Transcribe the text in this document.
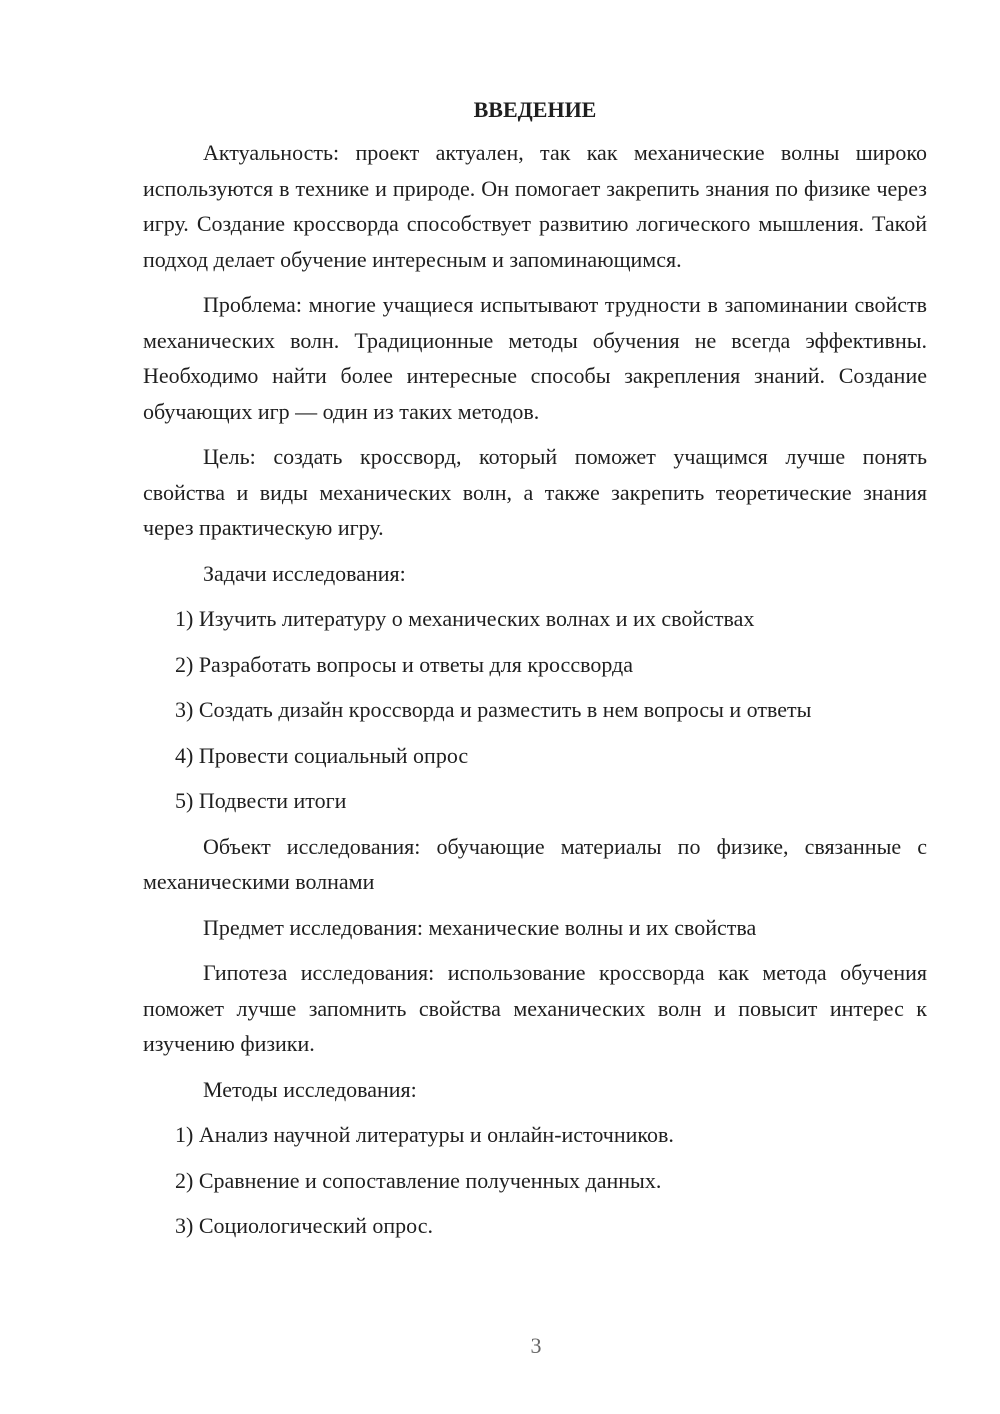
ВВЕДЕНИЕ

Актуальность: проект актуален, так как механические волны широко используются в технике и природе. Он помогает закрепить знания по физике через игру. Создание кроссворда способствует развитию логического мышления. Такой подход делает обучение интересным и запоминающимся.

Проблема: многие учащиеся испытывают трудности в запоминании свойств механических волн. Традиционные методы обучения не всегда эффективны. Необходимо найти более интересные способы закрепления знаний. Создание обучающих игр — один из таких методов.

Цель: создать кроссворд, который поможет учащимся лучше понять свойства и виды механических волн, а также закрепить теоретические знания через практическую игру.

Задачи исследования:

1) Изучить литературу о механических волнах и их свойствах
2) Разработать вопросы и ответы для кроссворда
3) Создать дизайн кроссворда и разместить в нем вопросы и ответы
4) Провести социальный опрос
5) Подвести итоги

Объект исследования: обучающие материалы по физике, связанные с механическими волнами

Предмет исследования: механические волны и их свойства

Гипотеза исследования: использование кроссворда как метода обучения поможет лучше запомнить свойства механических волн и повысит интерес к изучению физики.

Методы исследования:

1) Анализ научной литературы и онлайн-источников.
2) Сравнение и сопоставление полученных данных.
3) Социологический опрос.
3
